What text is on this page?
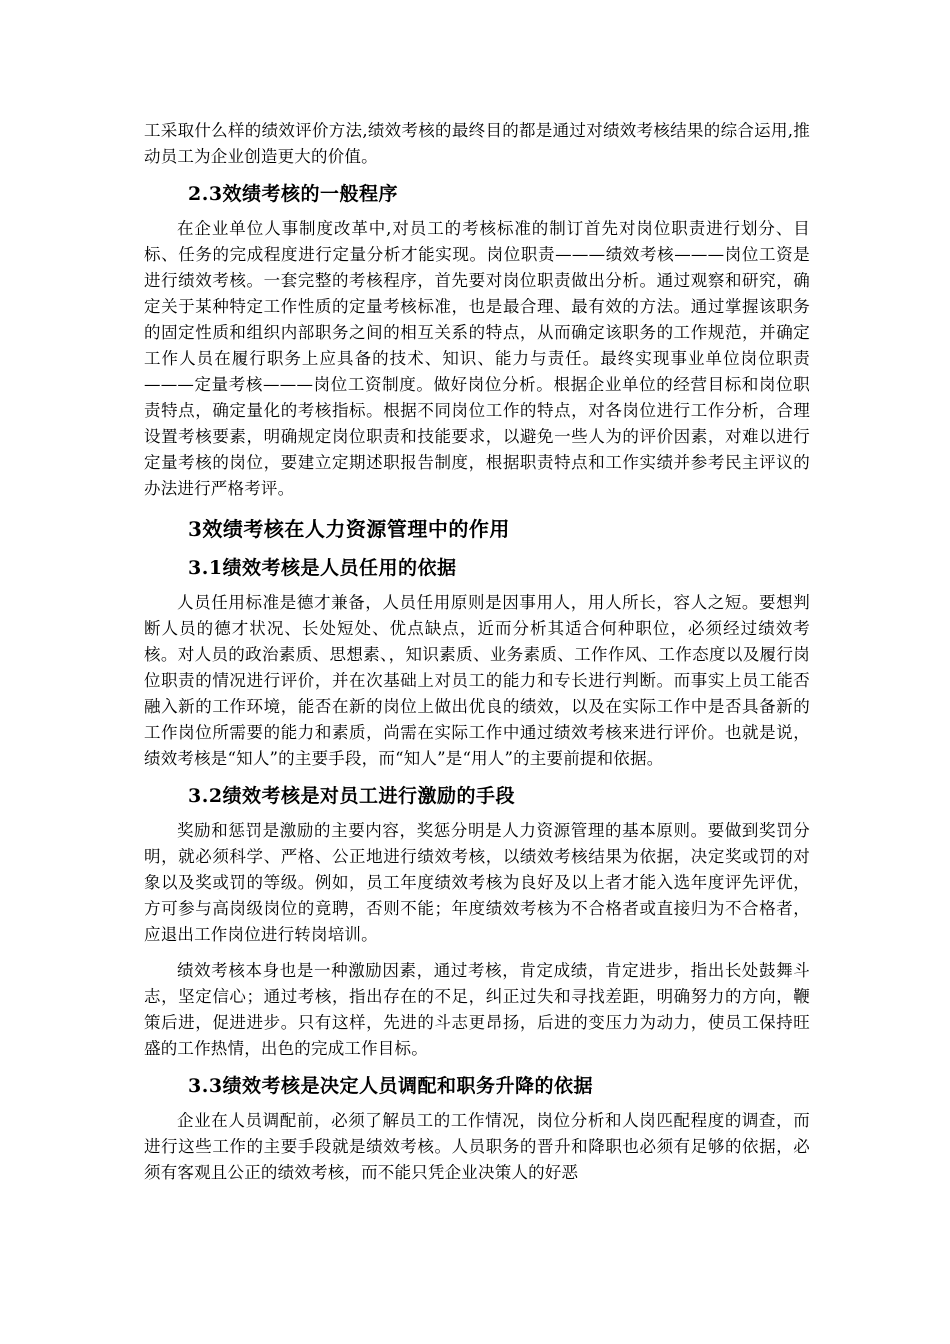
工采取什么样的绩效评价方法,绩效考核的最终目的都是通过对绩效考核结果的综合运用,推动员工为企业创造更大的价值。

2.3效绩考核的一般程序

在企业单位人事制度改革中,对员工的考核标准的制订首先对岗位职责进行划分、目标、任务的完成程度进行定量分析才能实现。岗位职责———绩效考核———岗位工资是进行绩效考核。一套完整的考核程序，首先要对岗位职责做出分析。通过观察和研究，确定关于某种特定工作性质的定量考核标准，也是最合理、最有效的方法。通过掌握该职务的固定性质和组织内部职务之间的相互关系的特点，从而确定该职务的工作规范，并确定工作人员在履行职务上应具备的技术、知识、能力与责任。最终实现事业单位岗位职责———定量考核———岗位工资制度。做好岗位分析。根据企业单位的经营目标和岗位职责特点，确定量化的考核指标。根据不同岗位工作的特点，对各岗位进行工作分析，合理设置考核要素，明确规定岗位职责和技能要求，以避免一些人为的评价因素，对难以进行定量考核的岗位，要建立定期述职报告制度，根据职责特点和工作实绩并参考民主评议的办法进行严格考评。

3效绩考核在人力资源管理中的作用
3.1绩效考核是人员任用的依据

人员任用标准是德才兼备，人员任用原则是因事用人，用人所长，容人之短。要想判断人员的德才状况、长处短处、优点缺点，近而分析其适合何种职位，必须经过绩效考核。对人员的政治素质、思想素、，知识素质、业务素质、工作作风、工作态度以及履行岗位职责的情况进行评价，并在次基础上对员工的能力和专长进行判断。而事实上员工能否融入新的工作环境，能否在新的岗位上做出优良的绩效，以及在实际工作中是否具备新的工作岗位所需要的能力和素质，尚需在实际工作中通过绩效考核来进行评价。也就是说，绩效考核是“知人”的主要手段，而“知人”是“用人”的主要前提和依据。

3.2绩效考核是对员工进行激励的手段

奖励和惩罚是激励的主要内容，奖惩分明是人力资源管理的基本原则。要做到奖罚分明，就必须科学、严格、公正地进行绩效考核，以绩效考核结果为依据，决定奖或罚的对象以及奖或罚的等级。例如，员工年度绩效考核为良好及以上者才能入选年度评先评优，方可参与高岗级岗位的竟聘，否则不能；年度绩效考核为不合格者或直接归为不合格者，应退出工作岗位进行转岗培训。

绩效考核本身也是一种激励因素，通过考核，肯定成绩，肯定进步，指出长处鼓舞斗志，坚定信心；通过考核，指出存在的不足，纠正过失和寻找差距，明确努力的方向，鞭策后进，促进进步。只有这样，先进的斗志更昂扬，后进的变压力为动力，使员工保持旺盛的工作热情，出色的完成工作目标。

3.3绩效考核是决定人员调配和职务升降的依据

企业在人员调配前，必须了解员工的工作情况，岗位分析和人岗匹配程度的调查，而进行这些工作的主要手段就是绩效考核。人员职务的晋升和降职也必须有足够的依据，必须有客观且公正的绩效考核，而不能只凭企业决策人的好恶
